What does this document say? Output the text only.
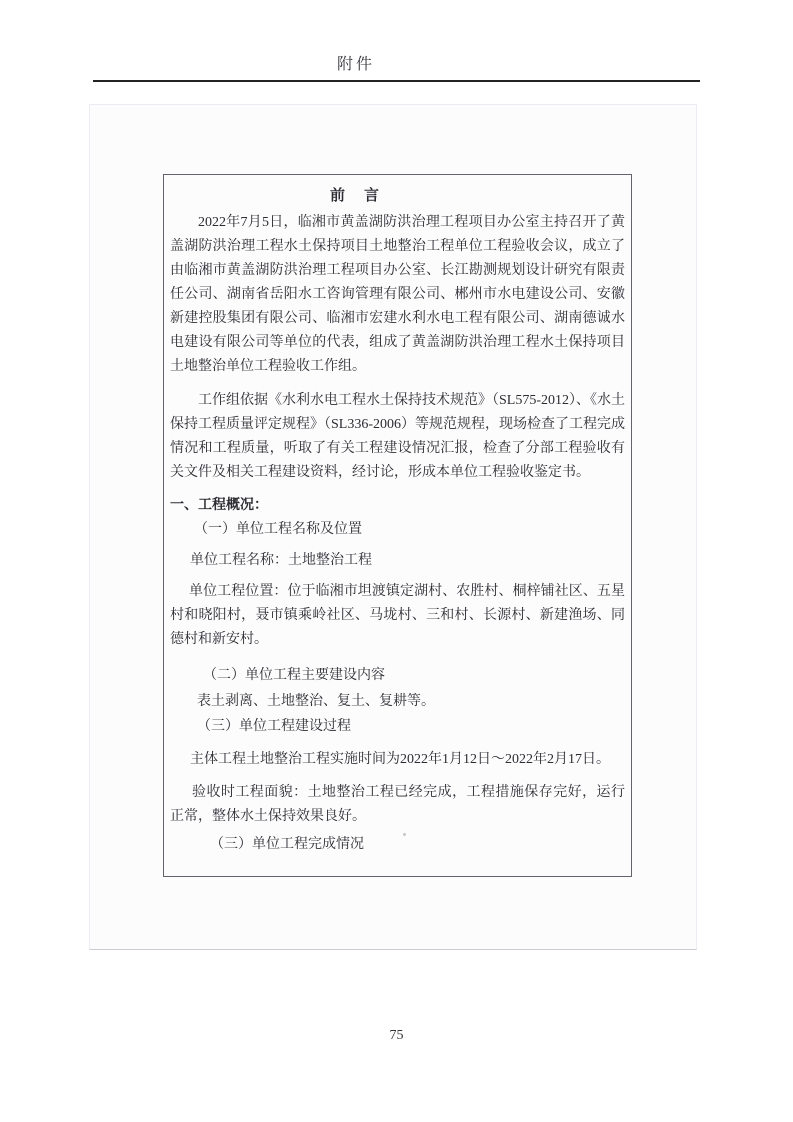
附件

前　言

2022年7月5日，临湘市黄盖湖防洪治理工程项目办公室主持召开了黄盖湖防洪治理工程水土保持项目土地整治工程单位工程验收会议，成立了由临湘市黄盖湖防洪治理工程项目办公室、长江勘测规划设计研究有限责任公司、湖南省岳阳水工咨询管理有限公司、郴州市水电建设公司、安徽新建控股集团有限公司、临湘市宏建水利水电工程有限公司、湖南德诚水电建设有限公司等单位的代表，组成了黄盖湖防洪治理工程水土保持项目土地整治单位工程验收工作组。

工作组依据《水利水电工程水土保持技术规范》（SL575-2012）、《水土保持工程质量评定规程》（SL336-2006）等规范规程，现场检查了工程完成情况和工程质量，听取了有关工程建设情况汇报，检查了分部工程验收有关文件及相关工程建设资料，经讨论，形成本单位工程验收鉴定书。

一、工程概况：

（一）单位工程名称及位置

单位工程名称：土地整治工程

单位工程位置：位于临湘市坦渡镇定湖村、农胜村、桐梓铺社区、五星村和晓阳村，聂市镇乘岭社区、马垅村、三和村、长源村、新建渔场、同德村和新安村。

（二）单位工程主要建设内容

表土剥离、土地整治、复土、复耕等。

（三）单位工程建设过程

主体工程土地整治工程实施时间为2022年1月12日～2022年2月17日。

验收时工程面貌：土地整治工程已经完成，工程措施保存完好，运行正常，整体水土保持效果良好。

（三）单位工程完成情况

75
